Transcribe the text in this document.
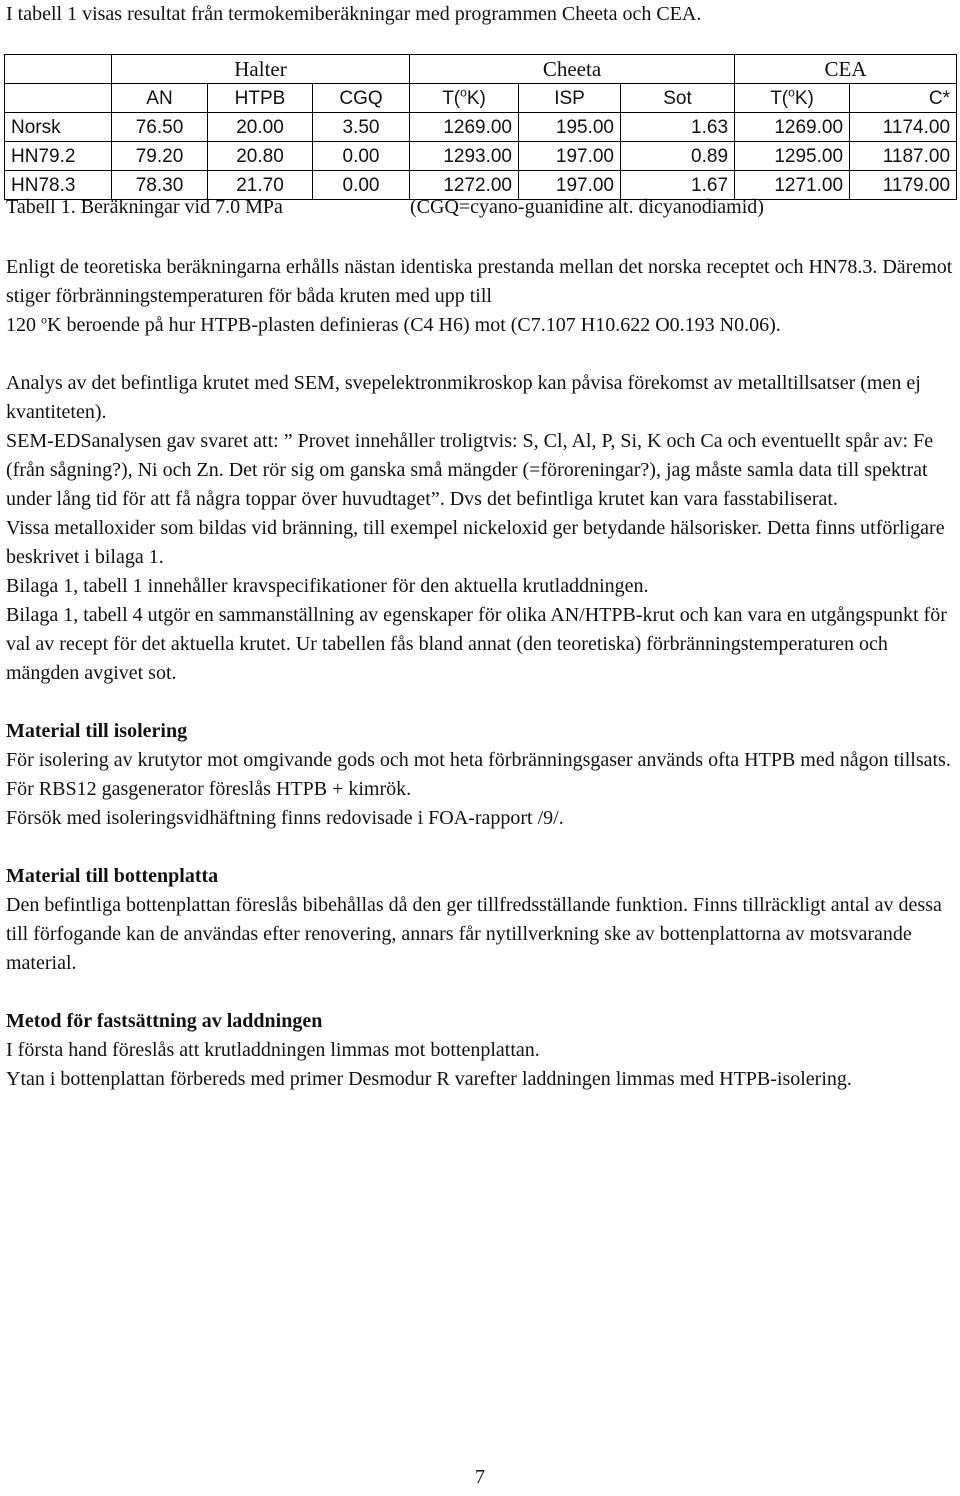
I tabell 1 visas resultat från termokemiberäkningar med programmen Cheeta och CEA.
	Halter			Cheeta			CEA	
	AN	HTPB	CGQ	T($^o$K)	ISP	Sot	T($^o$K)	C*
Norsk	76.50	20.00	3.50	1269.00	195.00	1.63	1269.00	1174.00
HN79.2	79.20	20.80	0.00	1293.00	197.00	0.89	1295.00	1187.00
HN78.3	78.30	21.70	0.00	1272.00	197.00	1.67	1271.00	1179.00
Tabell 1. Beräkningar vid 7.0 MPa	(CGQ=cyano-guanidine alt. dicyanodiamid)

Enligt de teoretiska beräkningarna erhålls nästan identiska prestanda mellan det norska receptet och HN78.3. Däremot stiger förbränningstemperaturen för båda kruten med upp till

120 $^o$K beroende på hur HTPB-plasten definieras (C4 H6) mot (C7.107 H10.622 O0.193 N0.06).

Analys av det befintliga krutet med SEM, svepelektronmikroskop kan påvisa förekomst av metalltillsatser (men ej kvantiteten).

SEM-EDSanalysen gav svaret att: ” Provet innehåller troligtvis: S, Cl, Al, P, Si, K och Ca och eventuellt spår av: Fe (från sågning?), Ni och Zn. Det rör sig om ganska små mängder (=föroreningar?), jag måste samla data till spektrat under lång tid för att få några toppar över huvudtaget”. Dvs det befintliga krutet kan vara fasstabiliserat.

Vissa metalloxider som bildas vid bränning, till exempel nickeloxid ger betydande hälsorisker. Detta finns utförligare beskrivet i bilaga 1.

Bilaga 1, tabell 1 innehåller kravspecifikationer för den aktuella krutladdningen.

Bilaga 1, tabell 4 utgör en sammanställning av egenskaper för olika AN/HTPB-krut och kan vara en utgångspunkt för val av recept för det aktuella krutet. Ur tabellen fås bland annat (den teoretiska) förbränningstemperaturen och mängden avgivet sot.

Material till isolering

För isolering av krutytor mot omgivande gods och mot heta förbränningsgaser används ofta HTPB med någon tillsats. För RBS12 gasgenerator föreslås HTPB + kimrök.

Försök med isoleringsvidhäftning finns redovisade i FOA-rapport /9/.

Material till bottenplatta

Den befintliga bottenplattan föreslås bibehållas då den ger tillfredsställande funktion. Finns tillräckligt antal av dessa till förfogande kan de användas efter renovering, annars får nytillverkning ske av bottenplattorna av motsvarande material.

Metod för fastsättning av laddningen

I första hand föreslås att krutladdningen limmas mot bottenplattan.

Ytan i bottenplattan förbereds med primer Desmodur R varefter laddningen limmas med HTPB-isolering.

7
